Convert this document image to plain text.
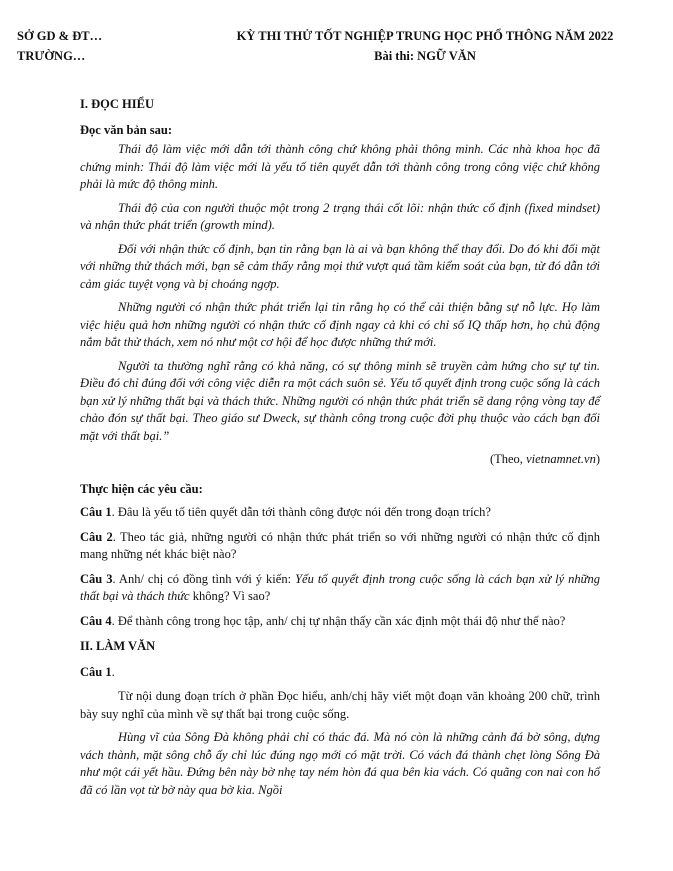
SỞ GD & ĐT…
TRƯỜNG…
KỲ THI THỬ TỐT NGHIỆP TRUNG HỌC PHỔ THÔNG NĂM 2022
Bài thi: NGỮ VĂN

I. ĐỌC HIỂU

Đọc văn bản sau:

Thái độ làm việc mới dẫn tới thành công chứ không phải thông minh. Các nhà khoa học đã chứng minh: Thái độ làm việc mới là yếu tố tiên quyết dẫn tới thành công trong công việc chứ không phải là mức độ thông minh.

Thái độ của con người thuộc một trong 2 trạng thái cốt lõi: nhận thức cố định (fixed mindset) và nhận thức phát triển (growth mind).

Đối với nhận thức cố định, bạn tin rằng bạn là ai và bạn không thể thay đổi. Do đó khi đối mặt với những thử thách mới, bạn sẽ cảm thấy rằng mọi thứ vượt quá tầm kiểm soát của bạn, từ đó dẫn tới cảm giác tuyệt vọng và bị choáng ngợp.

Những người có nhận thức phát triển lại tin rằng họ có thể cải thiện bằng sự nỗ lực. Họ làm việc hiệu quả hơn những người có nhận thức cố định ngay cả khi có chỉ số IQ thấp hơn, họ chủ động nắm bắt thử thách, xem nó như một cơ hội để học được những thứ mới.

Người ta thường nghĩ rằng có khả năng, có sự thông minh sẽ truyền cảm hứng cho sự tự tin. Điều đó chỉ đúng đối với công việc diễn ra một cách suôn sẻ. Yếu tố quyết định trong cuộc sống là cách bạn xử lý những thất bại và thách thức. Những người có nhận thức phát triển sẽ dang rộng vòng tay để chào đón sự thất bại. Theo giáo sư Dweck, sự thành công trong cuộc đời phụ thuộc vào cách bạn đối mặt với thất bại.”

(Theo, vietnamnet.vn)

Thực hiện các yêu cầu:

Câu 1. Đâu là yếu tố tiên quyết dẫn tới thành công được nói đến trong đoạn trích?

Câu 2. Theo tác giả, những người có nhận thức phát triển so với những người có nhận thức cố định mang những nét khác biệt nào?

Câu 3. Anh/ chị có đồng tình với ý kiến: Yếu tố quyết định trong cuộc sống là cách bạn xử lý những thất bại và thách thức không? Vì sao?

Câu 4. Để thành công trong học tập, anh/ chị tự nhận thấy cần xác định một thái độ như thế nào?

II. LÀM VĂN

Câu 1.

Từ nội dung đoạn trích ở phần Đọc hiểu, anh/chị hãy viết một đoạn văn khoảng 200 chữ, trình bày suy nghĩ của mình về sự thất bại trong cuộc sống.

Hùng vĩ của Sông Đà không phải chỉ có thác đá. Mà nó còn là những cảnh đá bờ sông, dựng vách thành, mặt sông chỗ ấy chỉ lúc đúng ngọ mới có mặt trời. Có vách đá thành chẹt lòng Sông Đà như một cái yết hầu. Đứng bên này bờ nhẹ tay ném hòn đá qua bên kia vách. Có quãng con nai con hổ đã có lần vọt từ bờ này qua bờ kia. Ngồi
